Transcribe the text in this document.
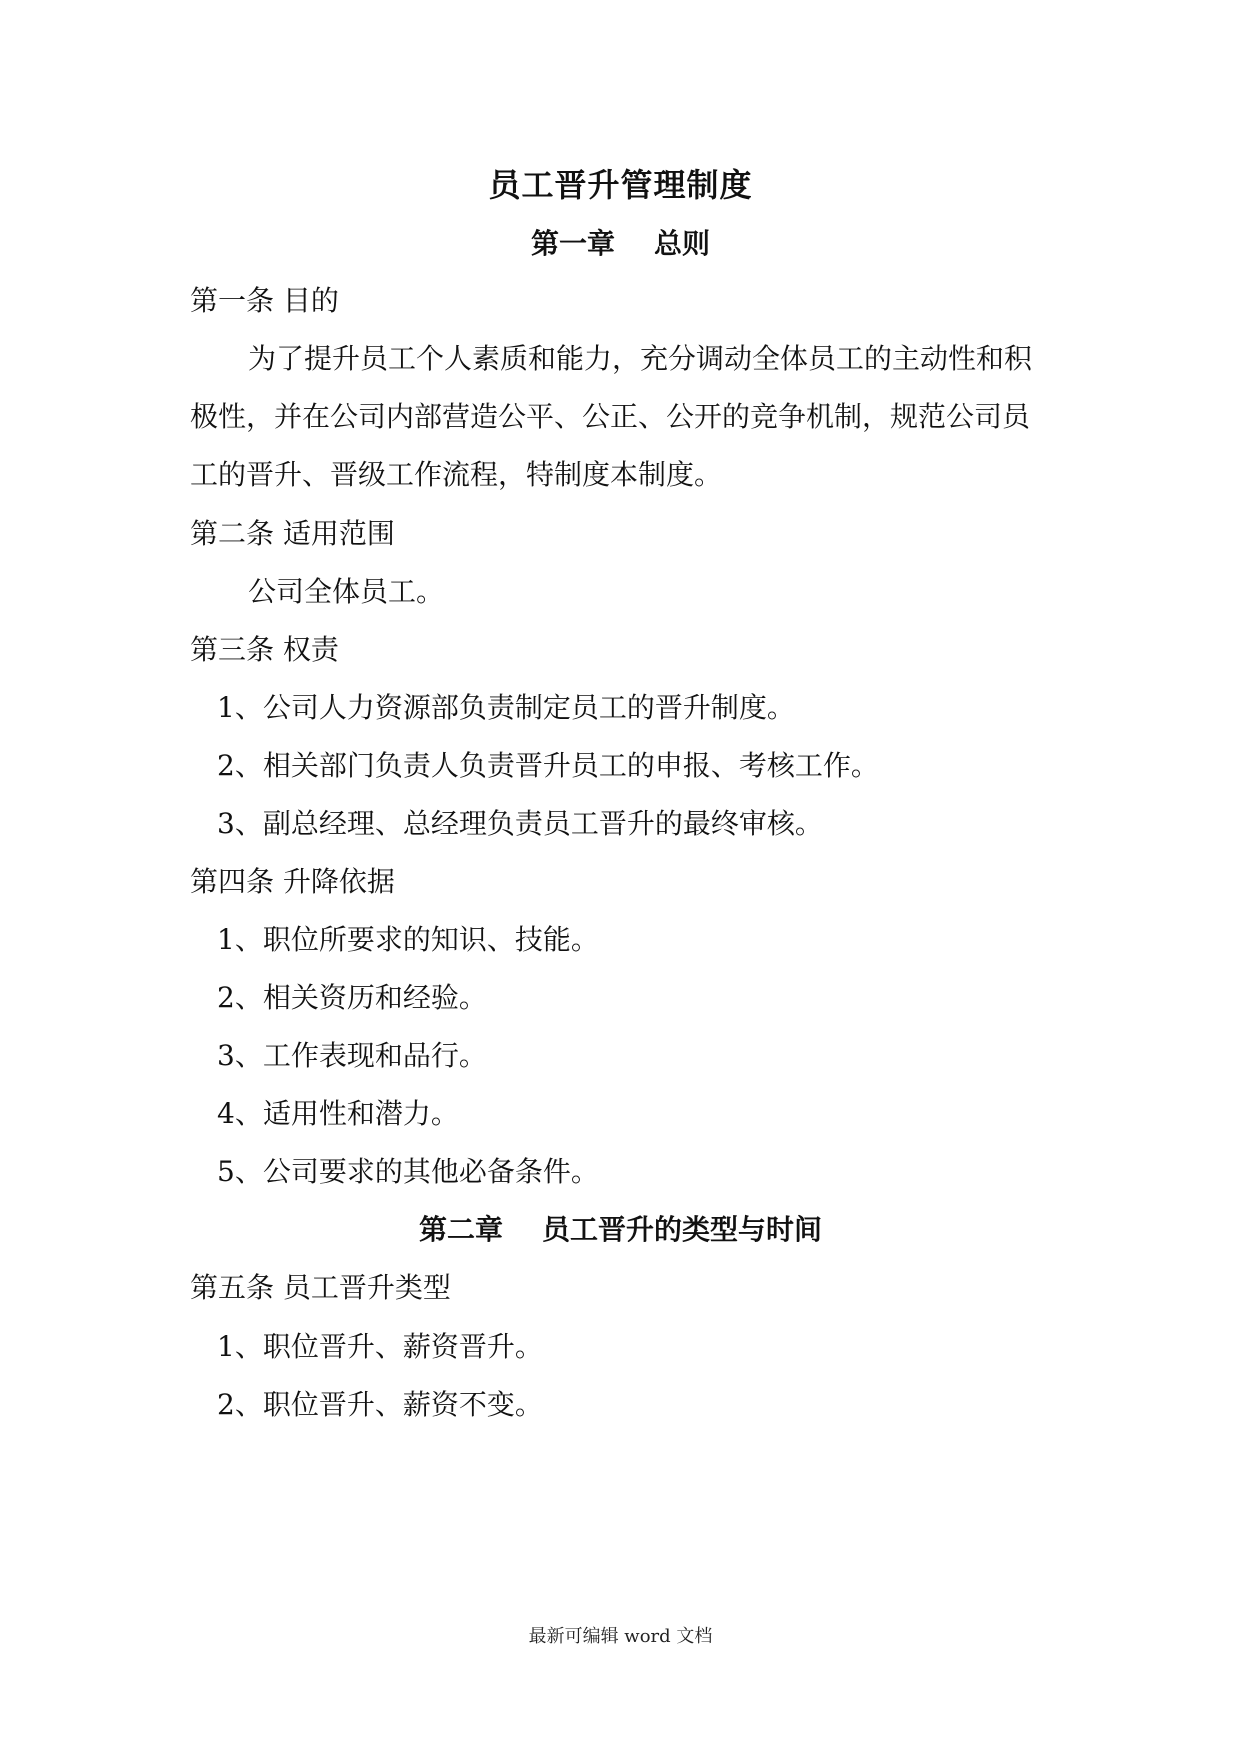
员工晋升管理制度
第一章    总则
第一条 目的
为了提升员工个人素质和能力，充分调动全体员工的主动性和积
极性，并在公司内部营造公平、公正、公开的竞争机制，规范公司员
工的晋升、晋级工作流程，特制度本制度。
第二条 适用范围
公司全体员工。
第三条 权责
1、公司人力资源部负责制定员工的晋升制度。
2、相关部门负责人负责晋升员工的申报、考核工作。
3、副总经理、总经理负责员工晋升的最终审核。
第四条 升降依据
1、职位所要求的知识、技能。
2、相关资历和经验。
3、工作表现和品行。
4、适用性和潜力。
5、公司要求的其他必备条件。
第二章    员工晋升的类型与时间
第五条 员工晋升类型
1、职位晋升、薪资晋升。
2、职位晋升、薪资不变。
最新可编辑 word 文档
